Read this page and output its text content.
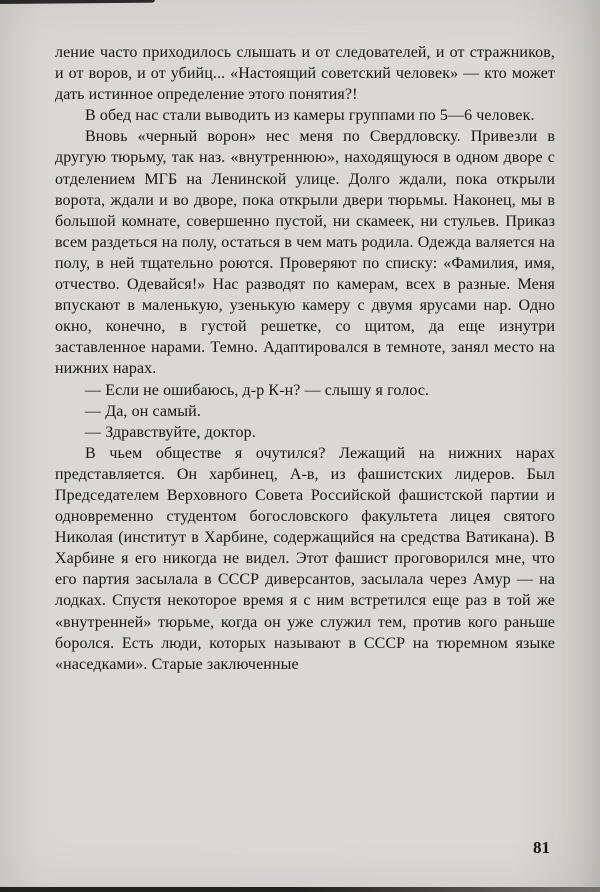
ление часто приходилось слышать и от следователей, и от стражников, и от воров, и от убийц... «Настоящий советский человек» — кто может дать истинное определение этого понятия?!

В обед нас стали выводить из камеры группами по 5—6 человек.

Вновь «черный ворон» нес меня по Свердловску. Привезли в другую тюрьму, так наз. «внутреннюю», находящуюся в одном дворе с отделением МГБ на Ленинской улице. Долго ждали, пока открыли ворота, ждали и во дворе, пока открыли двери тюрьмы. Наконец, мы в большой комнате, совершенно пустой, ни скамеек, ни стульев. Приказ всем раздеться на полу, остаться в чем мать родила. Одежда валяется на полу, в ней тщательно роются. Проверяют по списку: «Фамилия, имя, отчество. Одевайся!» Нас разводят по камерам, всех в разные. Меня впускают в маленькую, узенькую камеру с двумя ярусами нар. Одно окно, конечно, в густой решетке, со щитом, да еще изнутри заставленное нарами. Темно. Адаптировался в темноте, занял место на нижних нарах.

— Если не ошибаюсь, д-р К-н? — слышу я голос.

— Да, он самый.

— Здравствуйте, доктор.

В чьем обществе я очутился? Лежащий на нижних нарах представляется. Он харбинец, А-в, из фашистских лидеров. Был Председателем Верховного Совета Российской фашистской партии и одновременно студентом богословского факультета лицея святого Николая (институт в Харбине, содержащийся на средства Ватикана). В Харбине я его никогда не видел. Этот фашист проговорился мне, что его партия засылала в СССР диверсантов, засылала через Амур — на лодках. Спустя некоторое время я с ним встретился еще раз в той же «внутренней» тюрьме, когда он уже служил тем, против кого раньше боролся. Есть люди, которых называют в СССР на тюремном языке «наседками». Старые заключенные

81
